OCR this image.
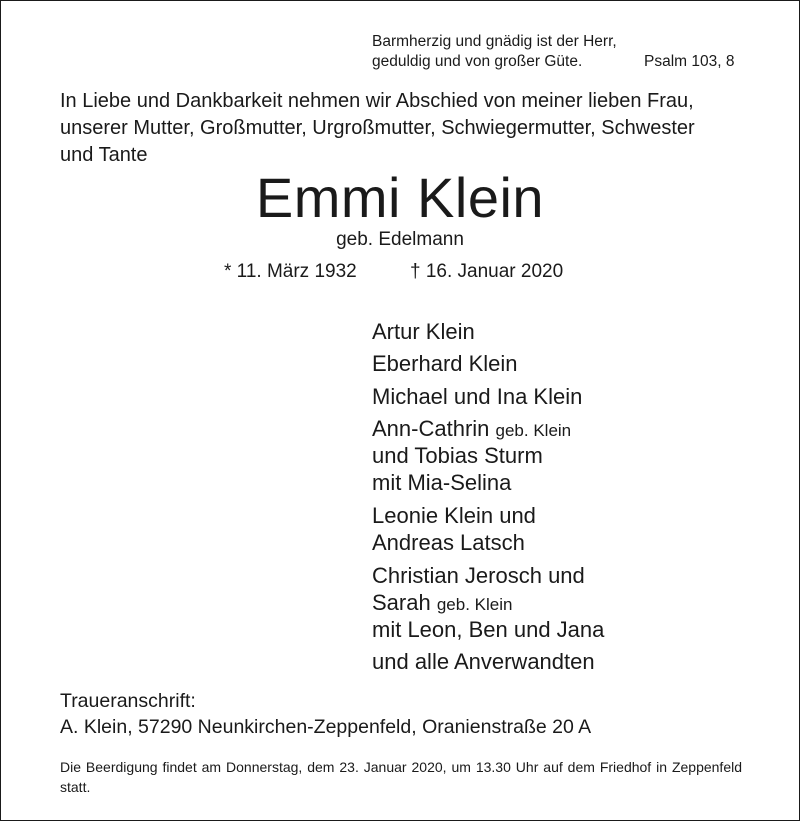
Barmherzig und gnädig ist der Herr,
geduldig und von großer Güte.	Psalm 103, 8
In Liebe und Dankbarkeit nehmen wir Abschied von meiner lieben Frau,
unserer Mutter, Großmutter, Urgroßmutter, Schwiegermutter, Schwester
und Tante
Emmi Klein
geb. Edelmann
* 11. März 1932	† 16. Januar 2020
Artur Klein
Eberhard Klein
Michael und Ina Klein
Ann-Cathrin geb. Klein
und Tobias Sturm
mit Mia-Selina
Leonie Klein und
Andreas Latsch
Christian Jerosch und
Sarah geb. Klein
mit Leon, Ben und Jana
und alle Anverwandten
Traueranschrift:
A. Klein, 57290 Neunkirchen-Zeppenfeld, Oranienstraße 20 A
Die Beerdigung findet am Donnerstag, dem 23. Januar 2020, um 13.30 Uhr auf dem Friedhof in Zeppenfeld statt.
